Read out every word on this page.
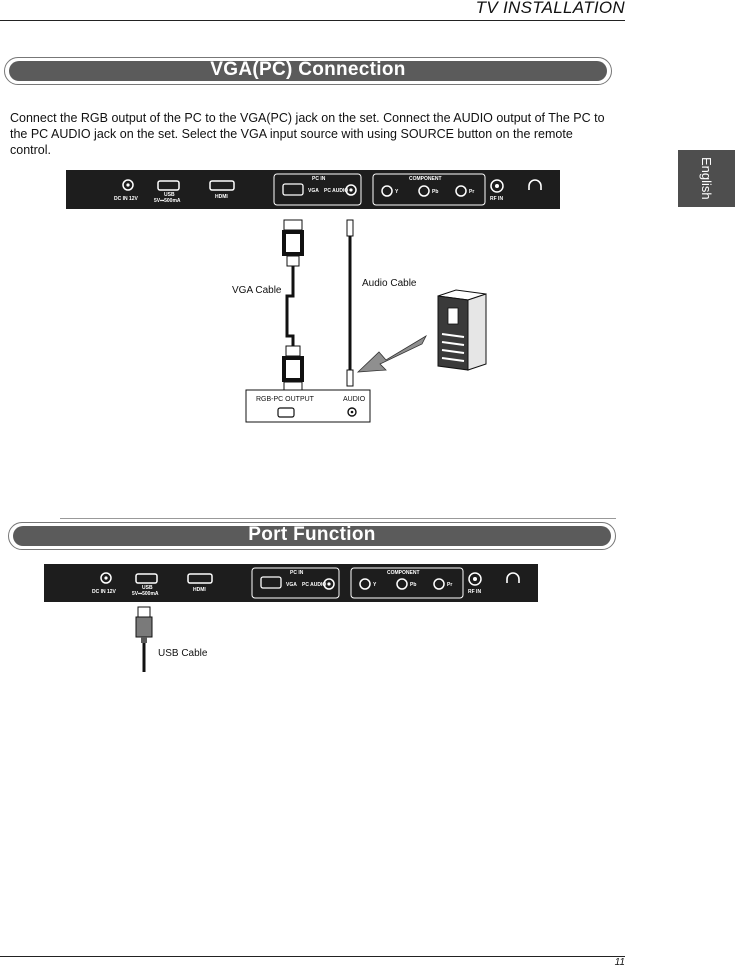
TV INSTALLATION
English
VGA(PC) Connection
Connect the RGB output of the PC to the VGA(PC) jack on the set. Connect the AUDIO output of The PC to the PC AUDIO jack on the set. Select the VGA input source with using SOURCE button on the remote control.
DC IN 12V
USB
5V⎓500mA
HDMI
PC IN
VGA PC AUDIO
COMPONENT
Y	Pb	Pr
RF IN
VGA Cable
Audio Cable
RGB-PC OUTPUT	AUDIO
Port Function
DC IN 12V
USB
5V⎓500mA
HDMI
PC IN
VGA PC AUDIO
COMPONENT
Y	Pb	Pr
RF IN
USB Cable
11
